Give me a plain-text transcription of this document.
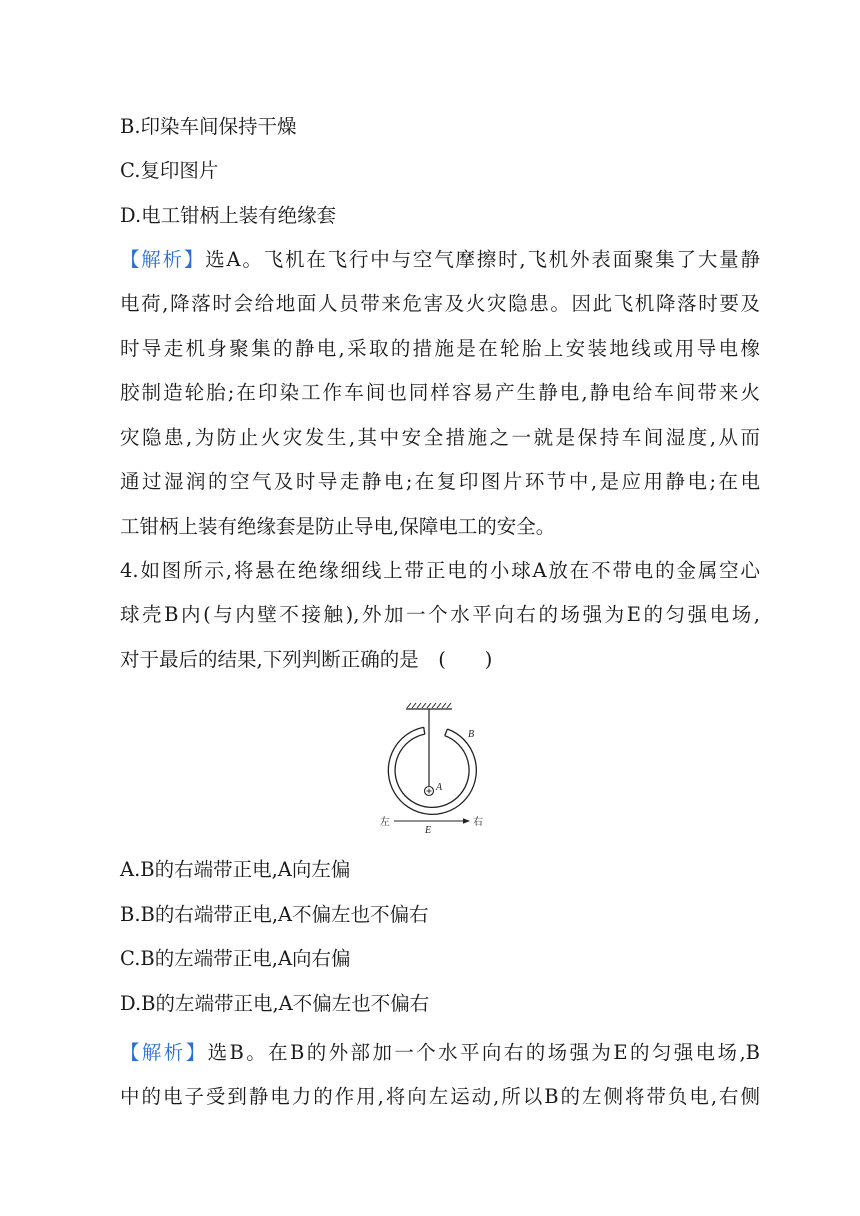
B.印染车间保持干燥
C.复印图片
D.电工钳柄上装有绝缘套
【解析】选A。飞机在飞行中与空气摩擦时,飞机外表面聚集了大量静
电荷,降落时会给地面人员带来危害及火灾隐患。因此飞机降落时要及
时导走机身聚集的静电,采取的措施是在轮胎上安装地线或用导电橡
胶制造轮胎;在印染工作车间也同样容易产生静电,静电给车间带来火
灾隐患,为防止火灾发生,其中安全措施之一就是保持车间湿度,从而
通过湿润的空气及时导走静电;在复印图片环节中,是应用静电;在电
工钳柄上装有绝缘套是防止导电,保障电工的安全。
4.如图所示,将悬在绝缘细线上带正电的小球A放在不带电的金属空心
球壳B内(与内壁不接触),外加一个水平向右的场强为E的匀强电场,
对于最后的结果,下列判断正确的是　(　　)
B
A
左	右
E
A.B的右端带正电,A向左偏
B.B的右端带正电,A不偏左也不偏右
C.B的左端带正电,A向右偏
D.B的左端带正电,A不偏左也不偏右
【解析】选B。在B的外部加一个水平向右的场强为E的匀强电场,B
中的电子受到静电力的作用,将向左运动,所以B的左侧将带负电,右侧
